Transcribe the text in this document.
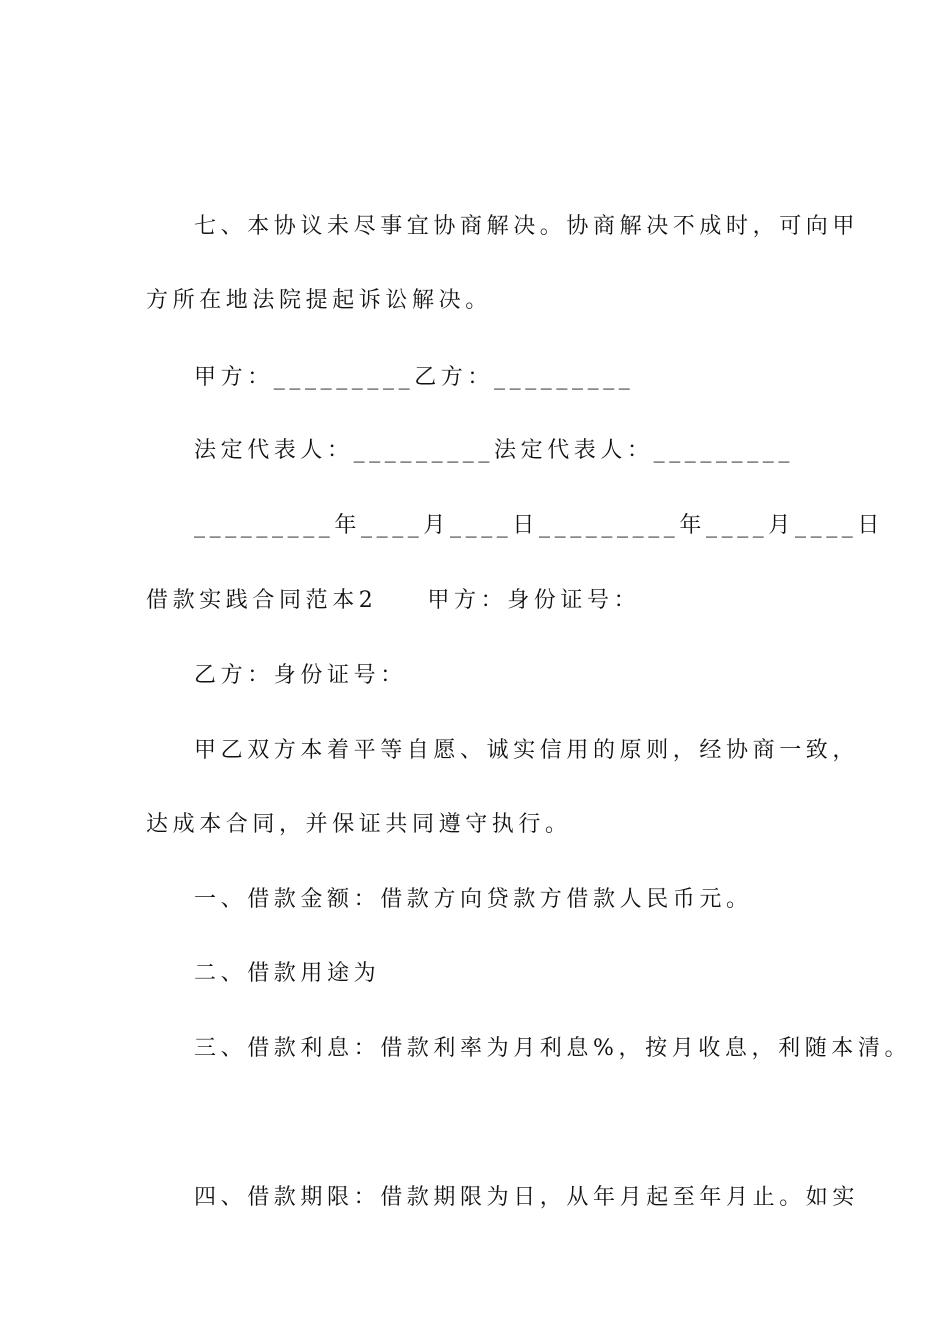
七、本协议未尽事宜协商解决。协商解决不成时，可向甲
方所在地法院提起诉讼解决。
甲方：_________乙方：_________
法定代表人：_________法定代表人：_________
_________年____月____日_________年____月____日
借款实践合同范本2 甲方：身份证号：
乙方：身份证号：
甲乙双方本着平等自愿、诚实信用的原则，经协商一致，
达成本合同，并保证共同遵守执行。
一、借款金额：借款方向贷款方借款人民币元。
二、借款用途为
三、借款利息：借款利率为月利息%，按月收息，利随本清。
四、借款期限：借款期限为日，从年月起至年月止。如实
